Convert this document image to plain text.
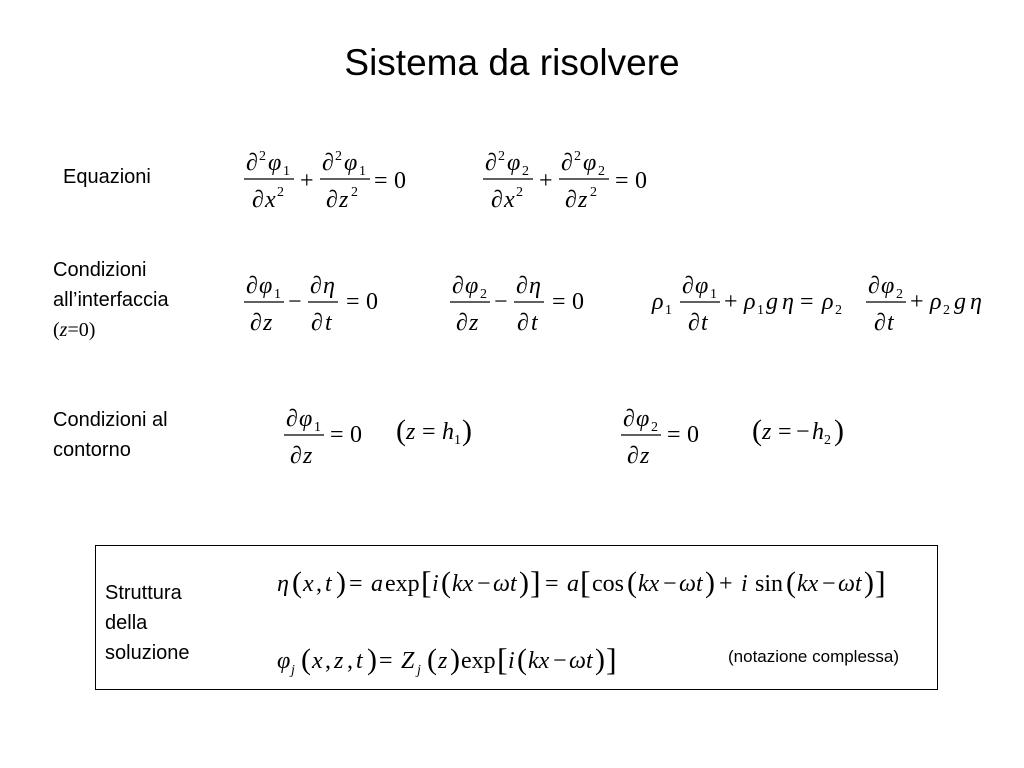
Sistema da risolvere
Equazioni
Condizioni
all’interfaccia
(z=0)
Condizioni al
contorno
∂ 2 φ 1
∂ x 2 +
∂ 2 φ 1
∂ z 2 = 0
∂ 2 φ 2
∂ x 2 +
∂ 2 φ 2
∂ z 2 = 0
∂ φ 1
∂ z
−
∂ η
∂ t
= 0
∂ φ 2
∂ z
−
∂ η
∂ t
= 0	ρ 1
∂ φ 1
∂ t
+ ρ 1 g η = ρ 2
∂ φ 2
∂ t
+ ρ 2 g η
∂ φ 1
∂ z
= 0 ( z = h 1 )	∂ φ 2
∂ z
= 0 ( z = − h 2 )
Struttura
della
soluzione
η ( x , t ) = a exp [ i ( kx − ωt ) ] = a [ cos ( kx − ωt ) + i sin ( kx − ωt ) ]
φ j ( x , z , t ) = Z j ( z ) exp [ i ( kx − ωt ) ]	(notazione complessa)
